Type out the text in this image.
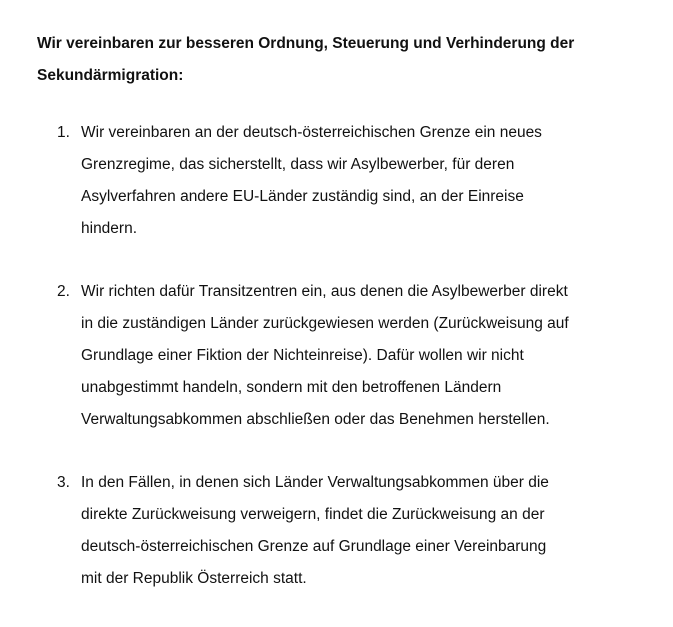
Wir vereinbaren zur besseren Ordnung, Steuerung und Verhinderung der Sekundärmigration:
1. Wir vereinbaren an der deutsch-österreichischen Grenze ein neues
Grenzregime, das sicherstellt, dass wir Asylbewerber, für deren
Asylverfahren andere EU-Länder zuständig sind, an der Einreise
hindern.
2. Wir richten dafür Transitzentren ein, aus denen die Asylbewerber direkt
in die zuständigen Länder zurückgewiesen werden (Zurückweisung auf
Grundlage einer Fiktion der Nichteinreise). Dafür wollen wir nicht
unabgestimmt handeln, sondern mit den betroffenen Ländern
Verwaltungsabkommen abschließen oder das Benehmen herstellen.
3. In den Fällen, in denen sich Länder Verwaltungsabkommen über die
direkte Zurückweisung verweigern, findet die Zurückweisung an der
deutsch-österreichischen Grenze auf Grundlage einer Vereinbarung
mit der Republik Österreich statt.
